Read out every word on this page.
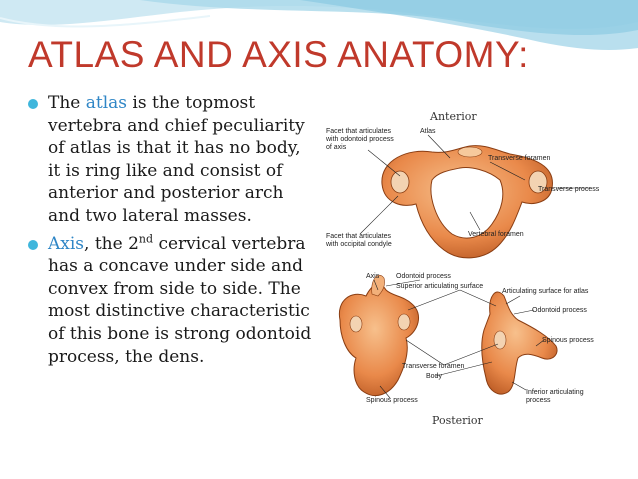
ATLAS AND AXIS ANATOMY:
The atlas is the topmost vertebra and chief peculiarity of atlas is that it has no body, it is ring like and consist of anterior and posterior arch and two lateral masses.
Axis, the 2nd cervical vertebra has a concave under side and convex from side to side. The most distinctive characteristic of this bone is strong odontoid process, the dens.
Anterior
Facet that articulates
with odontoid process
of axis
Atlas
Transverse foramen
Transverse process
Facet that articulates
with occipital condyle
Vertebral foramen
Axis Odontoid process
Superior articulating surface
Articulating surface for atlas
Odontoid process
Spinous process
Transverse foramen
Body
Spinous process
Inferior articulating
process
Posterior
